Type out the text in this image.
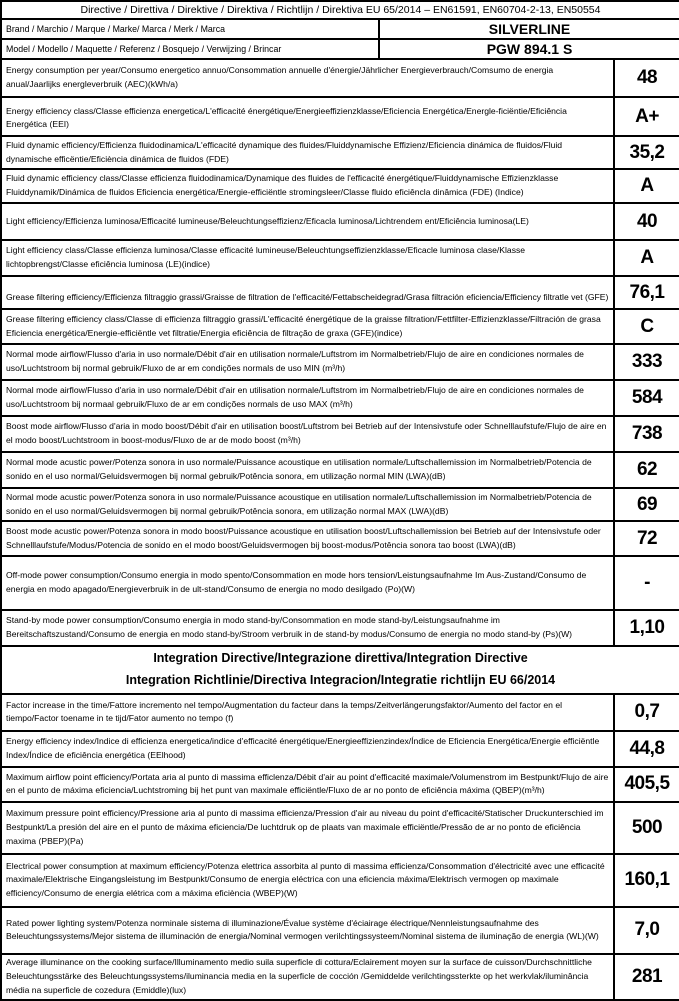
Directive / Direttiva / Direktive / Direktiva / Richtlijn / Direktiva EU 65/2014 – EN61591, EN60704-2-13, EN50554		
Brand / Marchio / Marque / Marke/ Marca / Merk / Marca	SILVERLINE	
Model / Modello / Maquette / Referenz / Bosquejo / Verwijzing / Brincar	PGW 894.1 S	
Energy consumption per year/Consumo energetico annuo/Consommation annuelle d'énergie/Jährlicher Energieverbrauch/Comsumo de energia anual/Jaarlijks energleverbruik (AEC)(kWh/a)		48
Energy efficiency class/Classe efficienza energetica/L'efficacité énergétique/Energieeffizienzklasse/Eficiencia Energética/Energle-ficiëntie/Eficiência Energética (EEI)		A+
Fluid dynamic efficiency/Efficienza fluidodinamica/L'efficacité dynamique des fluides/Fluiddynamische Effizienz/Eficiencia dinámica de fluidos/Fluid dynamische efficëntie/Eficiència dinámica de fluidos (FDE)		35,2
Fluid dynamic efficiency class/Classe efficienza fluidodinamica/Dynamique des fluides de l'efficacité énergétique/Fluiddynamische Effizienzklasse Fluiddynamik/Dinámica de fluidos Eficiencia energética/Energie-efficiëntle stromingsleer/Classe fluido eficiêncla dinâmica (FDE) (Indice)		A
Light efficiency/Efficienza luminosa/Efficacité lumineuse/Beleuchtungseffizienz/Eficacla luminosa/Lichtrendem ent/Eficiência luminosa(LE)		40
Light efficiency class/Classe efficienza luminosa/Classe efficacité lumineuse/Beleuchtungseffizienzklasse/Eficacle luminosa clase/Klasse lichtopbrengst/Classe eficiência luminosa (LE)(indice)		A
Grease filtering efficiency/Efficienza filtraggio grassi/Graisse de filtration de l'efficacité/Fettabscheidegrad/Grasa filtración eficiencia/Efficiency filtratle vet (GFE)		76,1
Grease filtering efficiency class/Classe di efficienza filtraggio grassi/L'efficacité énergétique de la graisse filtration/Fettfilter-Effizienzklasse/Filtración de grasa Eficiencia energética/Energie-efficiëntle vet filtratie/Energia eficiência de filtração de graxa (GFE)(indice)		C
Normal mode airflow/Flusso d'aria in uso normale/Débit d'air en utilisation normale/Luftstrom im Normalbetrieb/Flujo de aire en condiciones normales de uso/Luchtstroom bij normal gebruik/Fluxo de ar em condições normals de uso MIN (m³/h)		333
Normal mode airflow/Flusso d'aria in uso normale/Débit d'air en utilisation normale/Luftstrom im Normalbetrieb/Flujo de aire en condiciones normales de uso/Luchtstroom bij normaal gebruik/Fluxo de ar em condições normals de uso MAX (m³/h)		584
Boost mode airflow/Flusso d'aria in modo boost/Débit d'air en utilisation boost/Luftstrom bei Betrieb auf der Intensivstufe oder Schnelllaufstufe/Flujo de aire en el modo boost/Luchtstroom in boost-modus/Fluxo de ar de modo boost (m³/h)		738
Normal mode acustic power/Potenza sonora in uso normale/Puissance acoustique en utilisation normale/Luftschallemission im Normalbetrieb/Potencia de sonido en el uso normal/Geluidsvermogen bij normal gebruik/Potência sonora, em utilização normal MIN (LWA)(dB)		62
Normal mode acustic power/Potenza sonora in uso normale/Puissance acoustique en utilisation normale/Luftschallemission im Normalbetrieb/Potencia de sonido en el uso normal/Geluidsvermogen bij normal gebruik/Potência sonora, em utilização normal MAX (LWA)(dB)		69
Boost mode acustic power/Potenza sonora in modo boost/Puissance acoustique en utilisation boost/Luftschallemission bei Betrieb auf der Intensivstufe oder Schnelllaufstufe/Modus/Potencia de sonido en el modo boost/Geluidsvermogen bij boost-modus/Potência sonora tao boost (LWA)(dB)		72
Off-mode power consumption/Consumo energia in modo spento/Consommation en mode hors tension/Leistungsaufnahme Im Aus-Zustand/Consumo de energia en modo apagado/Energieverbruik in de ult-stand/Consumo de energia no modo desilgado (Po)(W)		-
Stand-by mode power consumption/Consumo energia in modo stand-by/Consommation en mode stand-by/Leistungsaufnahme im Bereitschaftszustand/Consumo de energia en modo stand-by/Stroom verbruik in de stand-by modus/Consumo de energia no modo stand-by (Ps)(W)		1,10

Integration Directive/Integrazione direttiva/Integration Directive
Integration Richtlinie/Directiva Integracion/Integratie richtlijn EU 66/2014		

Factor increase in the time/Fattore incremento nel tempo/Augmentation du facteur dans la temps/Zeitverlängerungsfaktor/Aumento del factor en el tiempo/Factor toename in te tijd/Fator aumento no tempo (f)		0,7
Energy efficiency index/Indice di efficienza energetica/indice d'efficacité énergétique/Energieeffizienzindex/Índice de Eficiencia Energética/Energie efficiëntle Index/Índice de eficiência energética (EElhood)		44,8
Maximum airflow point efficiency/Portata aria al punto di massima efficlenza/Débit d'air au point d'efficacité maximale/Volumenstrom im Bestpunkt/Flujo de aire en el punto de máxima eficiencia/Luchtstroming bij het punt van maximale efficiëntle/Fluxo de ar no ponto de eficiência máxima (QBEP)(m³/h)		405,5
Maximum pressure point efficiency/Pressione aria al punto di massima efficienza/Pression d'air au niveau du point d'efficacité/Statischer Druckunterschied im Bestpunkt/La presión del aire en el punto de máxima eficiencia/De luchtdruk op de plaats van maximale efficiëntle/Pressão de ar no ponto de eficiência maxima (PBEP)(Pa)		500
Electrical power consumption at maximum efficiency/Potenza elettrica assorbita al punto di massima efficienza/Consommation d'électricité avec une efficacité maximale/Elektrische Eingangsleistung im Bestpunkt/Consumo de energia eléctrica con una eficiencia máxima/Elektrisch vermogen op maximale efficiency/Consumo de energia elétrica com a máxima eficiència (WBEP)(W)		160,1
Rated power lighting system/Potenza norminale sistema di illuminazione/Évalue système d'éciairage électrique/Nennleistungsaufnahme des Beleuchtungssystems/Mejor sistema de illuminación de energia/Nominal vermogen verilchtingssysteem/Nominal sistema de iluminação de energia (WL)(W)		7,0
Average illuminance on the cooking surface/Illuminamento medio suila superficle di cottura/Eclairement moyen sur la surface de cuisson/Durchschnittliche Beleuchtungsstärke des Beleuchtungssystems/iluminancia media en la superficle de cocción /Gemiddelde verilchtingssterkte op het werkvlak/iluminância média na superficle de cozedura (Emiddle)(lux)		281
